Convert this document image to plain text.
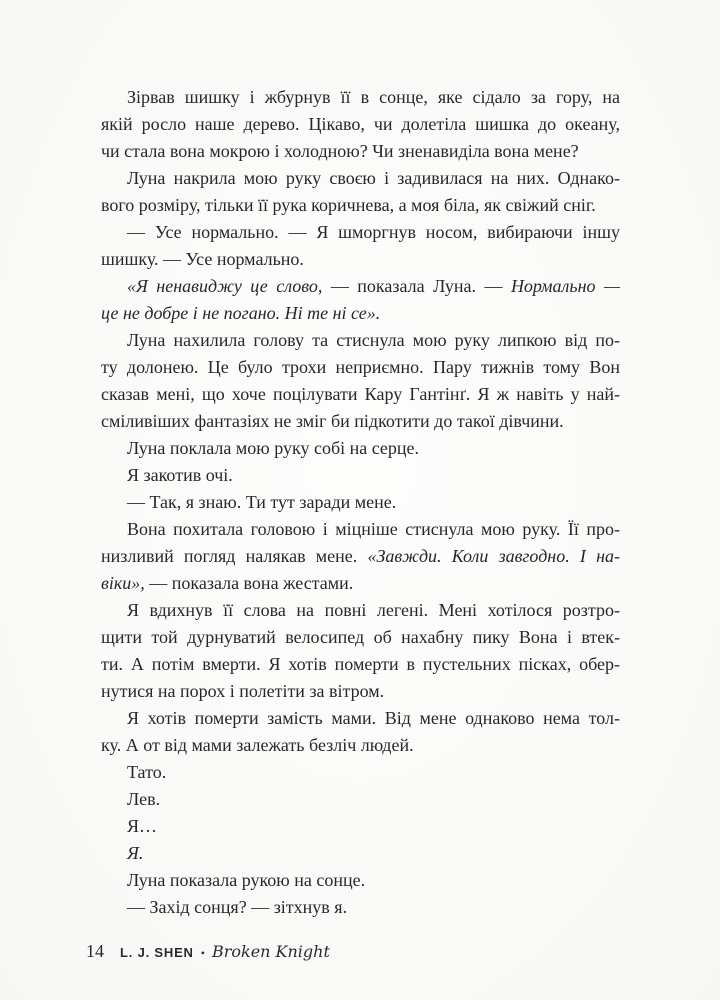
Зірвав шишку і жбурнув її в сонце, яке сідало за гору, на
якій росло наше дерево. Цікаво, чи долетіла шишка до океану,
чи стала вона мокрою і холодною? Чи зненавиділа вона мене?
Луна накрила мою руку своєю і задивилася на них. Однако-
вого розміру, тільки її рука коричнева, а моя біла, як свіжий сніг.
— Усе нормально. — Я шморгнув носом, вибираючи іншу
шишку. — Усе нормально.
«Я ненавиджу це слово, — показала Луна. — Нормально —
це не добре і не погано. Ні те ні се».
Луна нахилила голову та стиснула мою руку липкою від по-
ту долонею. Це було трохи неприємно. Пару тижнів тому Вон
сказав мені, що хоче поцілувати Кару Гантінґ. Я ж навіть у най-
сміливіших фантазіях не зміг би підкотити до такої дівчини.
Луна поклала мою руку собі на серце.
Я закотив очі.
— Так, я знаю. Ти тут заради мене.
Вона похитала головою і міцніше стиснула мою руку. Її про-
низливий погляд налякав мене. «Завжди. Коли завгодно. І на-
віки», — показала вона жестами.
Я вдихнув її слова на повні легені. Мені хотілося розтро-
щити той дурнуватий велосипед об нахабну пику Вона і втек-
ти. А потім вмерти. Я хотів померти в пустельних пісках, обер-
нутися на порох і полетіти за вітром.
Я хотів померти замість мами. Від мене однаково нема тол-
ку. А от від мами залежать безліч людей.
Тато.
Лев.
Я…
Я.
Луна показала рукою на сонце.
— Захід сонця? — зітхнув я.
14 L. J. SHEN • Broken Knight
